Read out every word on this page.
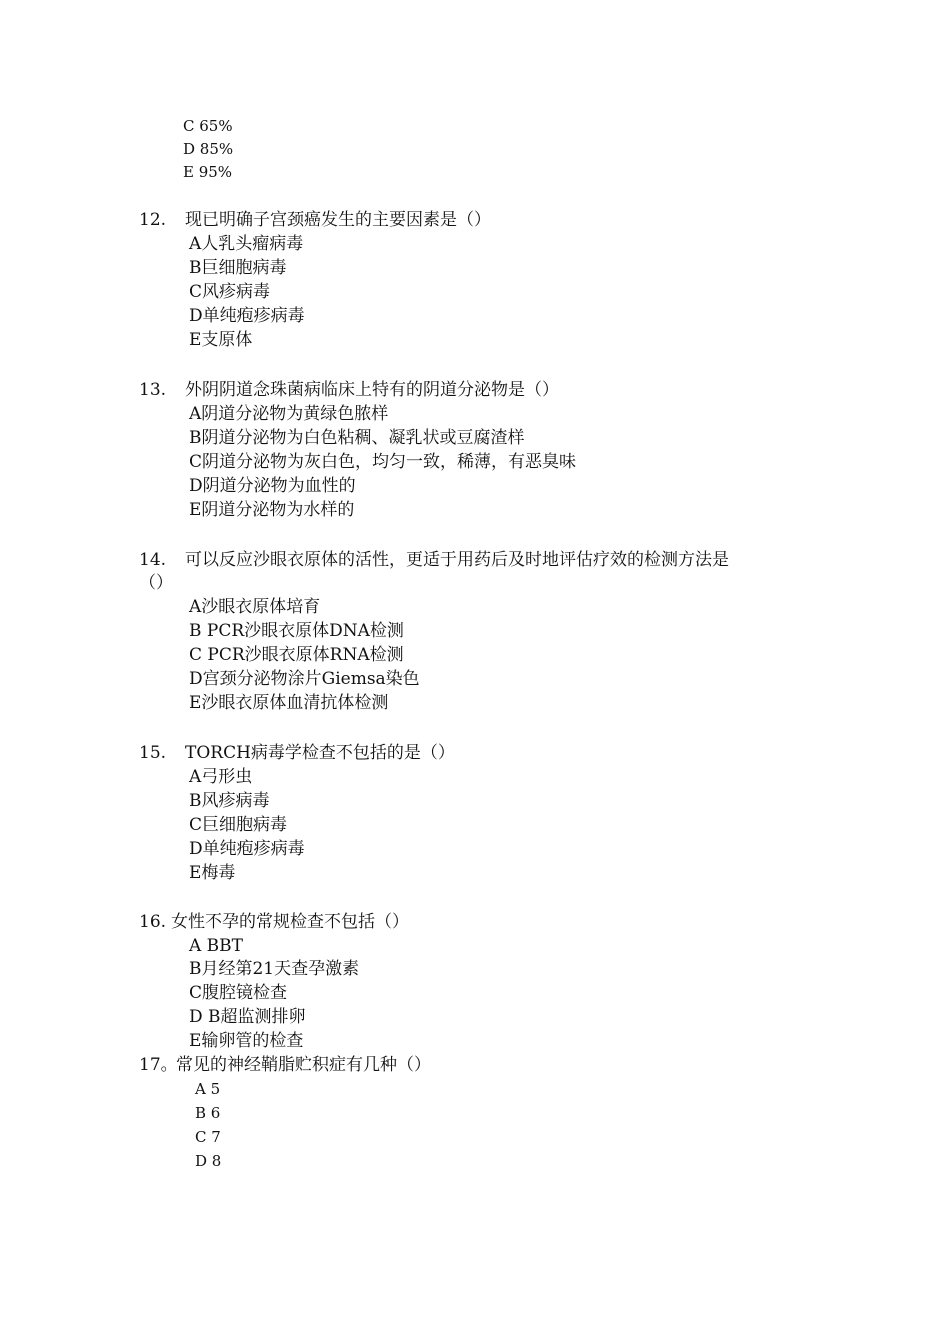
C 65%
D 85%
E 95%
12. 现已明确子宫颈癌发生的主要因素是（）
A人乳头瘤病毒
B巨细胞病毒
C风疹病毒
D单纯疱疹病毒
E支原体
13. 外阴阴道念珠菌病临床上特有的阴道分泌物是（）
A阴道分泌物为黄绿色脓样
B阴道分泌物为白色粘稠、凝乳状或豆腐渣样
C阴道分泌物为灰白色，均匀一致，稀薄，有恶臭味
D阴道分泌物为血性的
E阴道分泌物为水样的
14. 可以反应沙眼衣原体的活性，更适于用药后及时地评估疗效的检测方法是
（）
A沙眼衣原体培育
B PCR沙眼衣原体DNA检测
C PCR沙眼衣原体RNA检测
D宫颈分泌物涂片Giemsa染色
E沙眼衣原体血清抗体检测
15. TORCH病毒学检查不包括的是（）
A弓形虫
B风疹病毒
C巨细胞病毒
D单纯疱疹病毒
E梅毒
16. 女性不孕的常规检查不包括（）
A BBT
B月经第21天查孕激素
C腹腔镜检查
D B超监测排卵
E输卵管的检查
17。
常见的神经鞘脂贮积症有几种（）
A 5
B 6
C 7
D 8
